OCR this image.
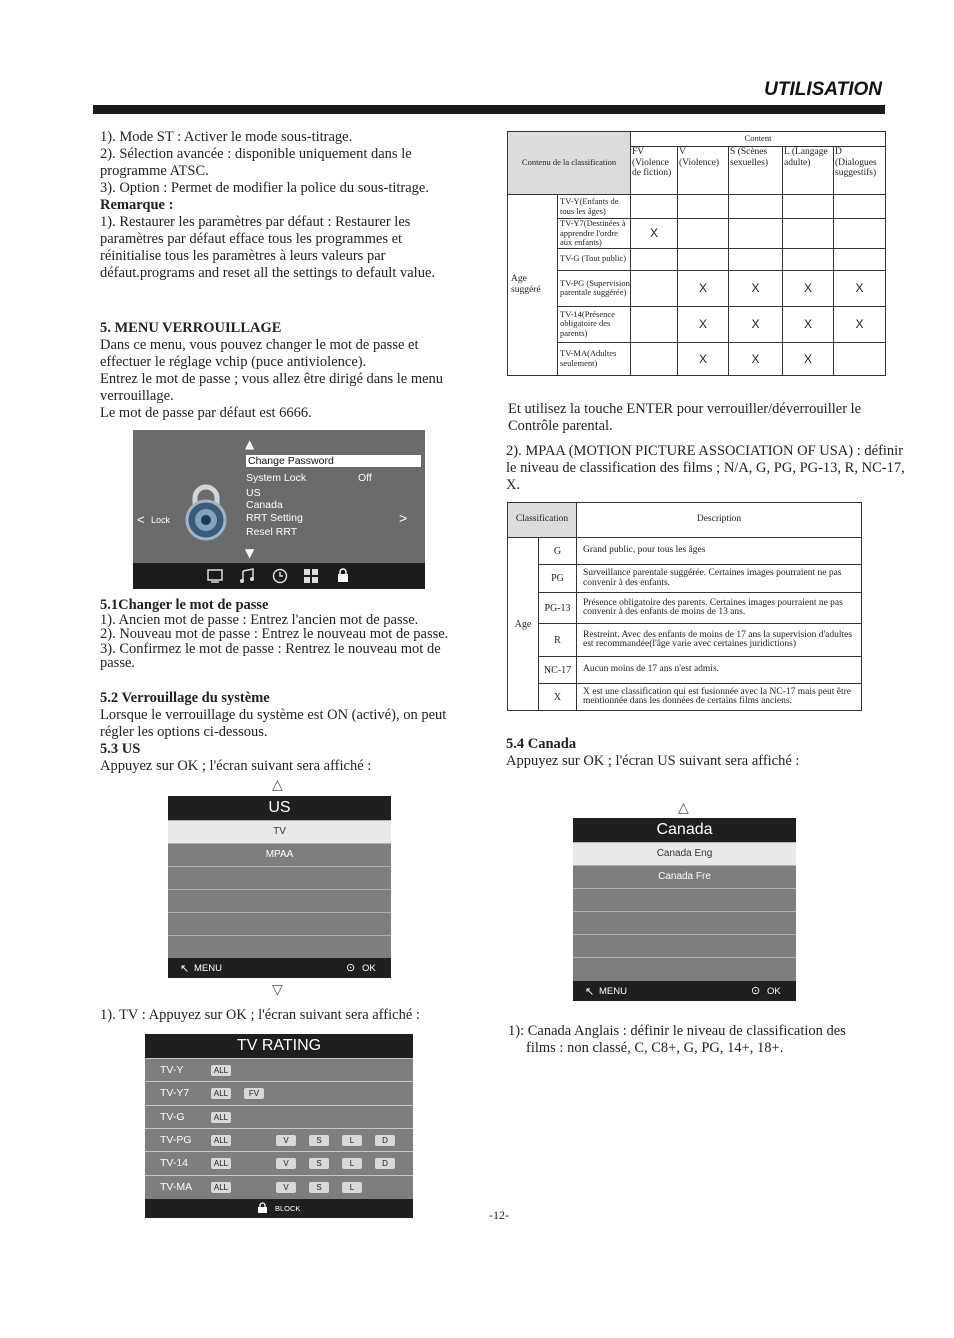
UTILISATION

1). Mode ST : Activer le mode sous-titrage.

2). Sélection avancée : disponible uniquement dans le programme ATSC.

3). Option : Permet de modifier la police du sous-titrage.

Remarque :

1). Restaurer les paramètres par défaut : Restaurer les paramètres par défaut efface tous les programmes et réinitialise tous les paramètres à leurs valeurs par défaut.programs and reset all the settings to default value.

5. MENU VERROUILLAGE

Dans ce menu, vous pouvez changer le mot de passe et effectuer le réglage vchip (puce antiviolence).

Entrez le mot de passe ; vous allez être dirigé dans le menu verrouillage.

Le mot de passe par défaut est 6666.

▲
Change Password
System Lock	Off
US
Canada
RRT Setting
Resel RRT
▼
< Lock	>

5.1Changer le mot de passe

1). Ancien mot de passe : Entrez l'ancien mot de passe.

2). Nouveau mot de passe : Entrez le nouveau mot de passe.

3). Confirmez le mot de passe : Rentrez le nouveau mot de passe.

5.2 Verrouillage du système

Lorsque le verrouillage du système est ON (activé), on peut régler les options ci-dessous.

5.3 US

Appuyez sur OK ; l'écran suivant sera affiché :

△
US
TV
MPAA
↖ MENU	⊙ OK
▽
1). TV : Appuyez sur OK ; l'écran suivant sera affiché :
TV RATING
TV-Y	ALL
TV-Y7	ALL	FV
TV-G	ALL
TV-PG	ALL	V	S	L	D
TV-14	ALL	V	S	L	D
TV-MA	ALL	V	S	L
BLOCK
Contenu de la classification		Content				
		FV (Violence de fiction)	V (Violence)	S (Scènes sexuelles)	L (Langage adulte)	D (Dialogues suggestifs)
Age suggéré	TV-Y(Enfants de tous les âges)					
	TV-Y7(Destinées à apprendre l'ordre aux enfants)	X				
	TV-G (Tout public)					
	TV-PG (Supervision parentale suggérée)		X	X	X	X
	TV-14(Présence obligatoire des parents)		X	X	X	X
	TV-MA(Adultes seulement)		X	X	X	
Et utilisez la touche ENTER pour verrouiller/déverrouiller le Contrôle parental.
2). MPAA (MOTION PICTURE ASSOCIATION OF USA) : définir le niveau de classification des films ; N/A, G, PG, PG-13, R, NC-17, X.
Classification		Description
Age	G	Grand public, pour tous les âges
	PG	Surveillance parentale suggérée. Certaines images pourraient ne pas convenir à des enfants.
	PG-13	Présence obligatoire des parents. Certaines images pourraient ne pas convenir à des enfants de moins de 13 ans.
	R	Restreint. Avec des enfants de moins de 17 ans la supervision d'adultes est recommandée(l'âge varie avec certaines juridictions)
	NC-17	Aucun moins de 17 ans n'est admis.
	X	X est une classification qui est fusionnée avec la NC-17 mais peut être mentionnée dans les données de certains films anciens.

5.4 Canada

Appuyez sur OK ; l'écran US suivant sera affiché :

△
Canada
Canada Eng
Canada Fre
↖ MENU	⊙ OK
1): Canada Anglais : définir le niveau de classification des films : non classé, C, C8+, G, PG, 14+, 18+.
-12-
